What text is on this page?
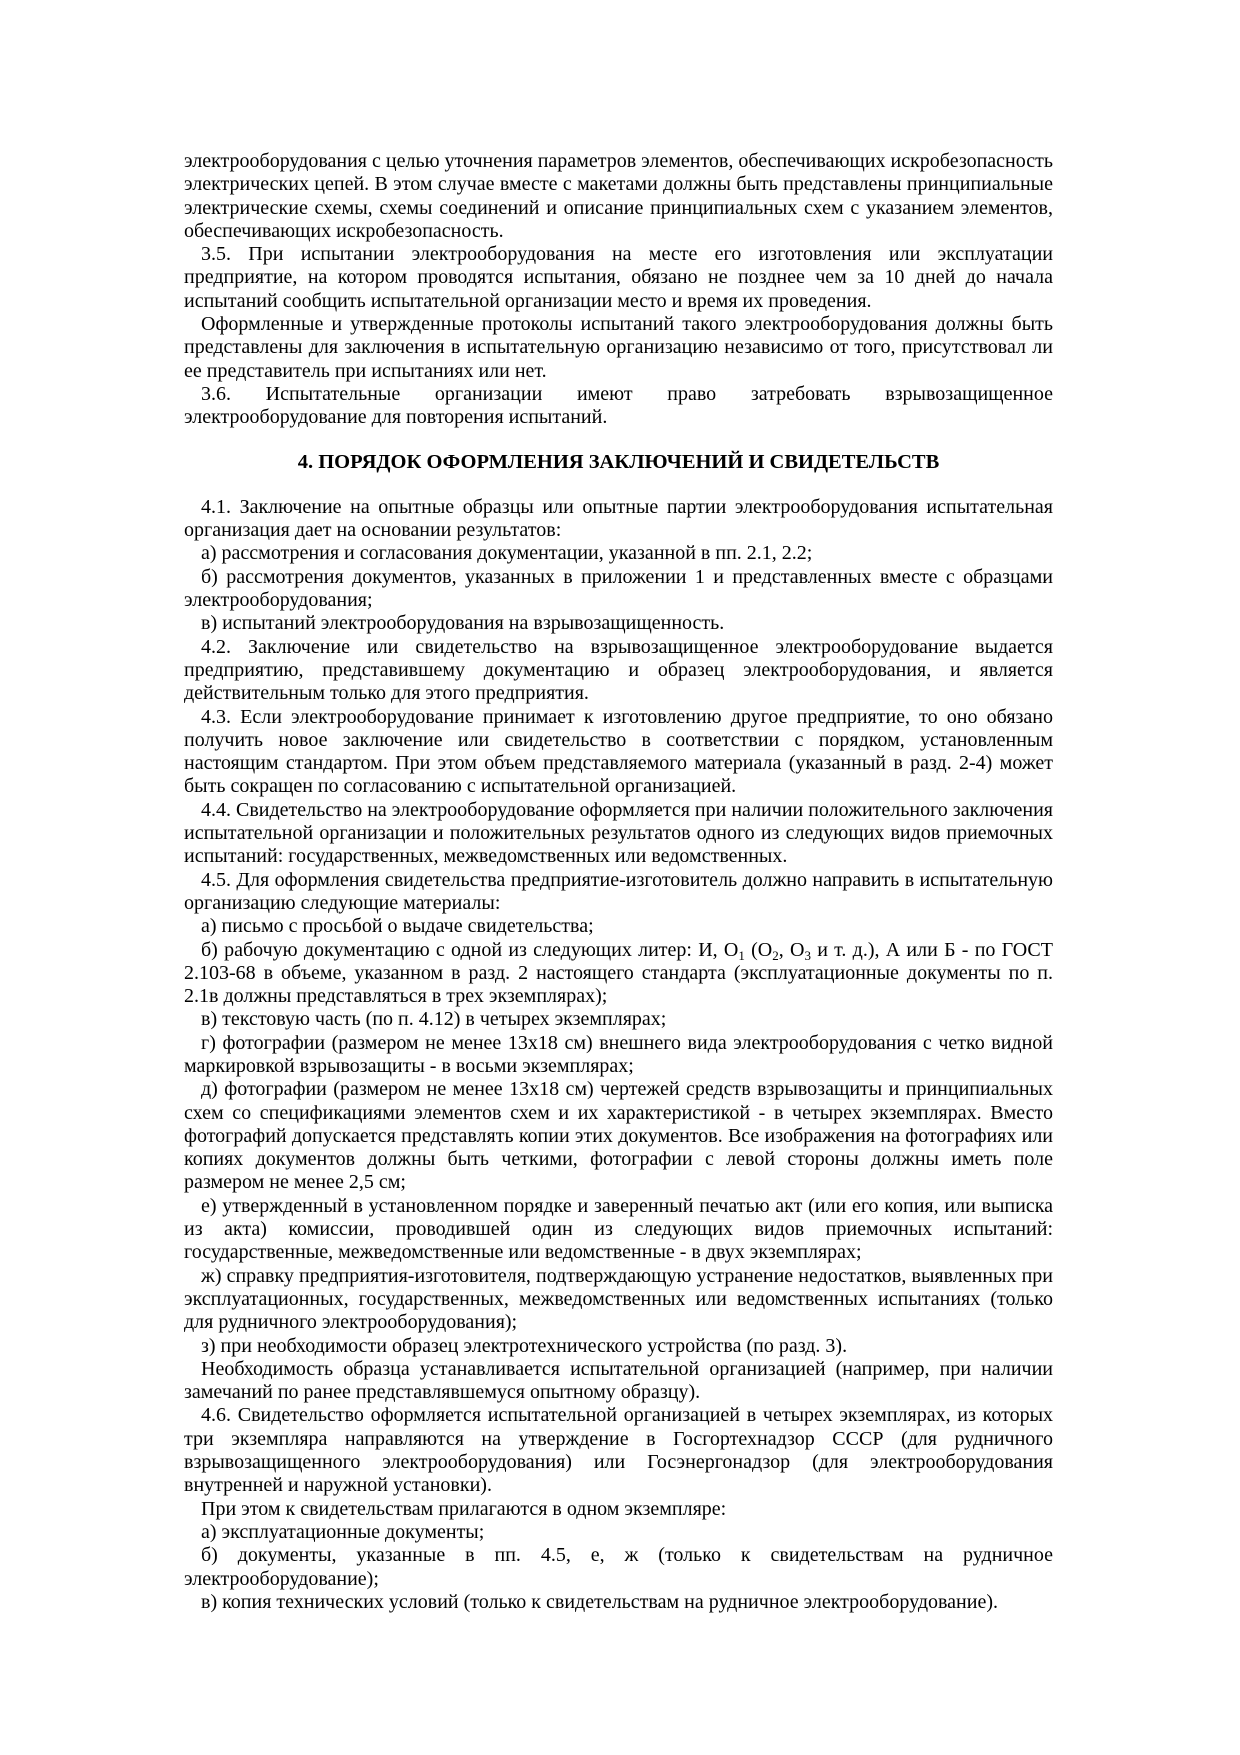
электрооборудования с целью уточнения параметров элементов, обеспечивающих искробезопасность электрических цепей. В этом случае вместе с макетами должны быть представлены принципиальные электрические схемы, схемы соединений и описание принципиальных схем с указанием элементов, обеспечивающих искробезопасность.

3.5. При испытании электрооборудования на месте его изготовления или эксплуатации предприятие, на котором проводятся испытания, обязано не позднее чем за 10 дней до начала испытаний сообщить испытательной организации место и время их проведения.

Оформленные и утвержденные протоколы испытаний такого электрооборудования должны быть представлены для заключения в испытательную организацию независимо от того, присутствовал ли ее представитель при испытаниях или нет.

3.6. Испытательные организации имеют право затребовать взрывозащищенное электрооборудование для повторения испытаний.

4. ПОРЯДОК ОФОРМЛЕНИЯ ЗАКЛЮЧЕНИЙ И СВИДЕТЕЛЬСТВ

4.1. Заключение на опытные образцы или опытные партии электрооборудования испытательная организация дает на основании результатов:

а) рассмотрения и согласования документации, указанной в пп. 2.1, 2.2;

б) рассмотрения документов, указанных в приложении 1 и представленных вместе с образцами электрооборудования;

в) испытаний электрооборудования на взрывозащищенность.

4.2. Заключение или свидетельство на взрывозащищенное электрооборудование выдается предприятию, представившему документацию и образец электрооборудования, и является действительным только для этого предприятия.

4.3. Если электрооборудование принимает к изготовлению другое предприятие, то оно обязано получить новое заключение или свидетельство в соответствии с порядком, установленным настоящим стандартом. При этом объем представляемого материала (указанный в разд. 2-4) может быть сокращен по согласованию с испытательной организацией.

4.4. Свидетельство на электрооборудование оформляется при наличии положительного заключения испытательной организации и положительных результатов одного из следующих видов приемочных испытаний: государственных, межведомственных или ведомственных.

4.5. Для оформления свидетельства предприятие-изготовитель должно направить в испытательную организацию следующие материалы:

а) письмо с просьбой о выдаче свидетельства;

б) рабочую документацию с одной из следующих литер: И, $О_1$ ($О_2$, $О_3$ и т. д.), А или Б - по ГОСТ 2.103-68 в объеме, указанном в разд. 2 настоящего стандарта (эксплуатационные документы по п. 2.1в должны представляться в трех экземплярах);

в) текстовую часть (по п. 4.12) в четырех экземплярах;

г) фотографии (размером не менее 13х18 см) внешнего вида электрооборудования с четко видной маркировкой взрывозащиты - в восьми экземплярах;

д) фотографии (размером не менее 13х18 см) чертежей средств взрывозащиты и принципиальных схем со спецификациями элементов схем и их характеристикой - в четырех экземплярах. Вместо фотографий допускается представлять копии этих документов. Все изображения на фотографиях или копиях документов должны быть четкими, фотографии с левой стороны должны иметь поле размером не менее 2,5 см;

е) утвержденный в установленном порядке и заверенный печатью акт (или его копия, или выписка из акта) комиссии, проводившей один из следующих видов приемочных испытаний: государственные, межведомственные или ведомственные - в двух экземплярах;

ж) справку предприятия-изготовителя, подтверждающую устранение недостатков, выявленных при эксплуатационных, государственных, межведомственных или ведомственных испытаниях (только для рудничного электрооборудования);

з) при необходимости образец электротехнического устройства (по разд. 3).

Необходимость образца устанавливается испытательной организацией (например, при наличии замечаний по ранее представлявшемуся опытному образцу).

4.6. Свидетельство оформляется испытательной организацией в четырех экземплярах, из которых три экземпляра направляются на утверждение в Госгортехнадзор СССР (для рудничного взрывозащищенного электрооборудования) или Госэнергонадзор (для электрооборудования внутренней и наружной установки).

При этом к свидетельствам прилагаются в одном экземпляре:

а) эксплуатационные документы;

б) документы, указанные в пп. 4.5, е, ж (только к свидетельствам на рудничное электрооборудование);

в) копия технических условий (только к свидетельствам на рудничное электрооборудование).
